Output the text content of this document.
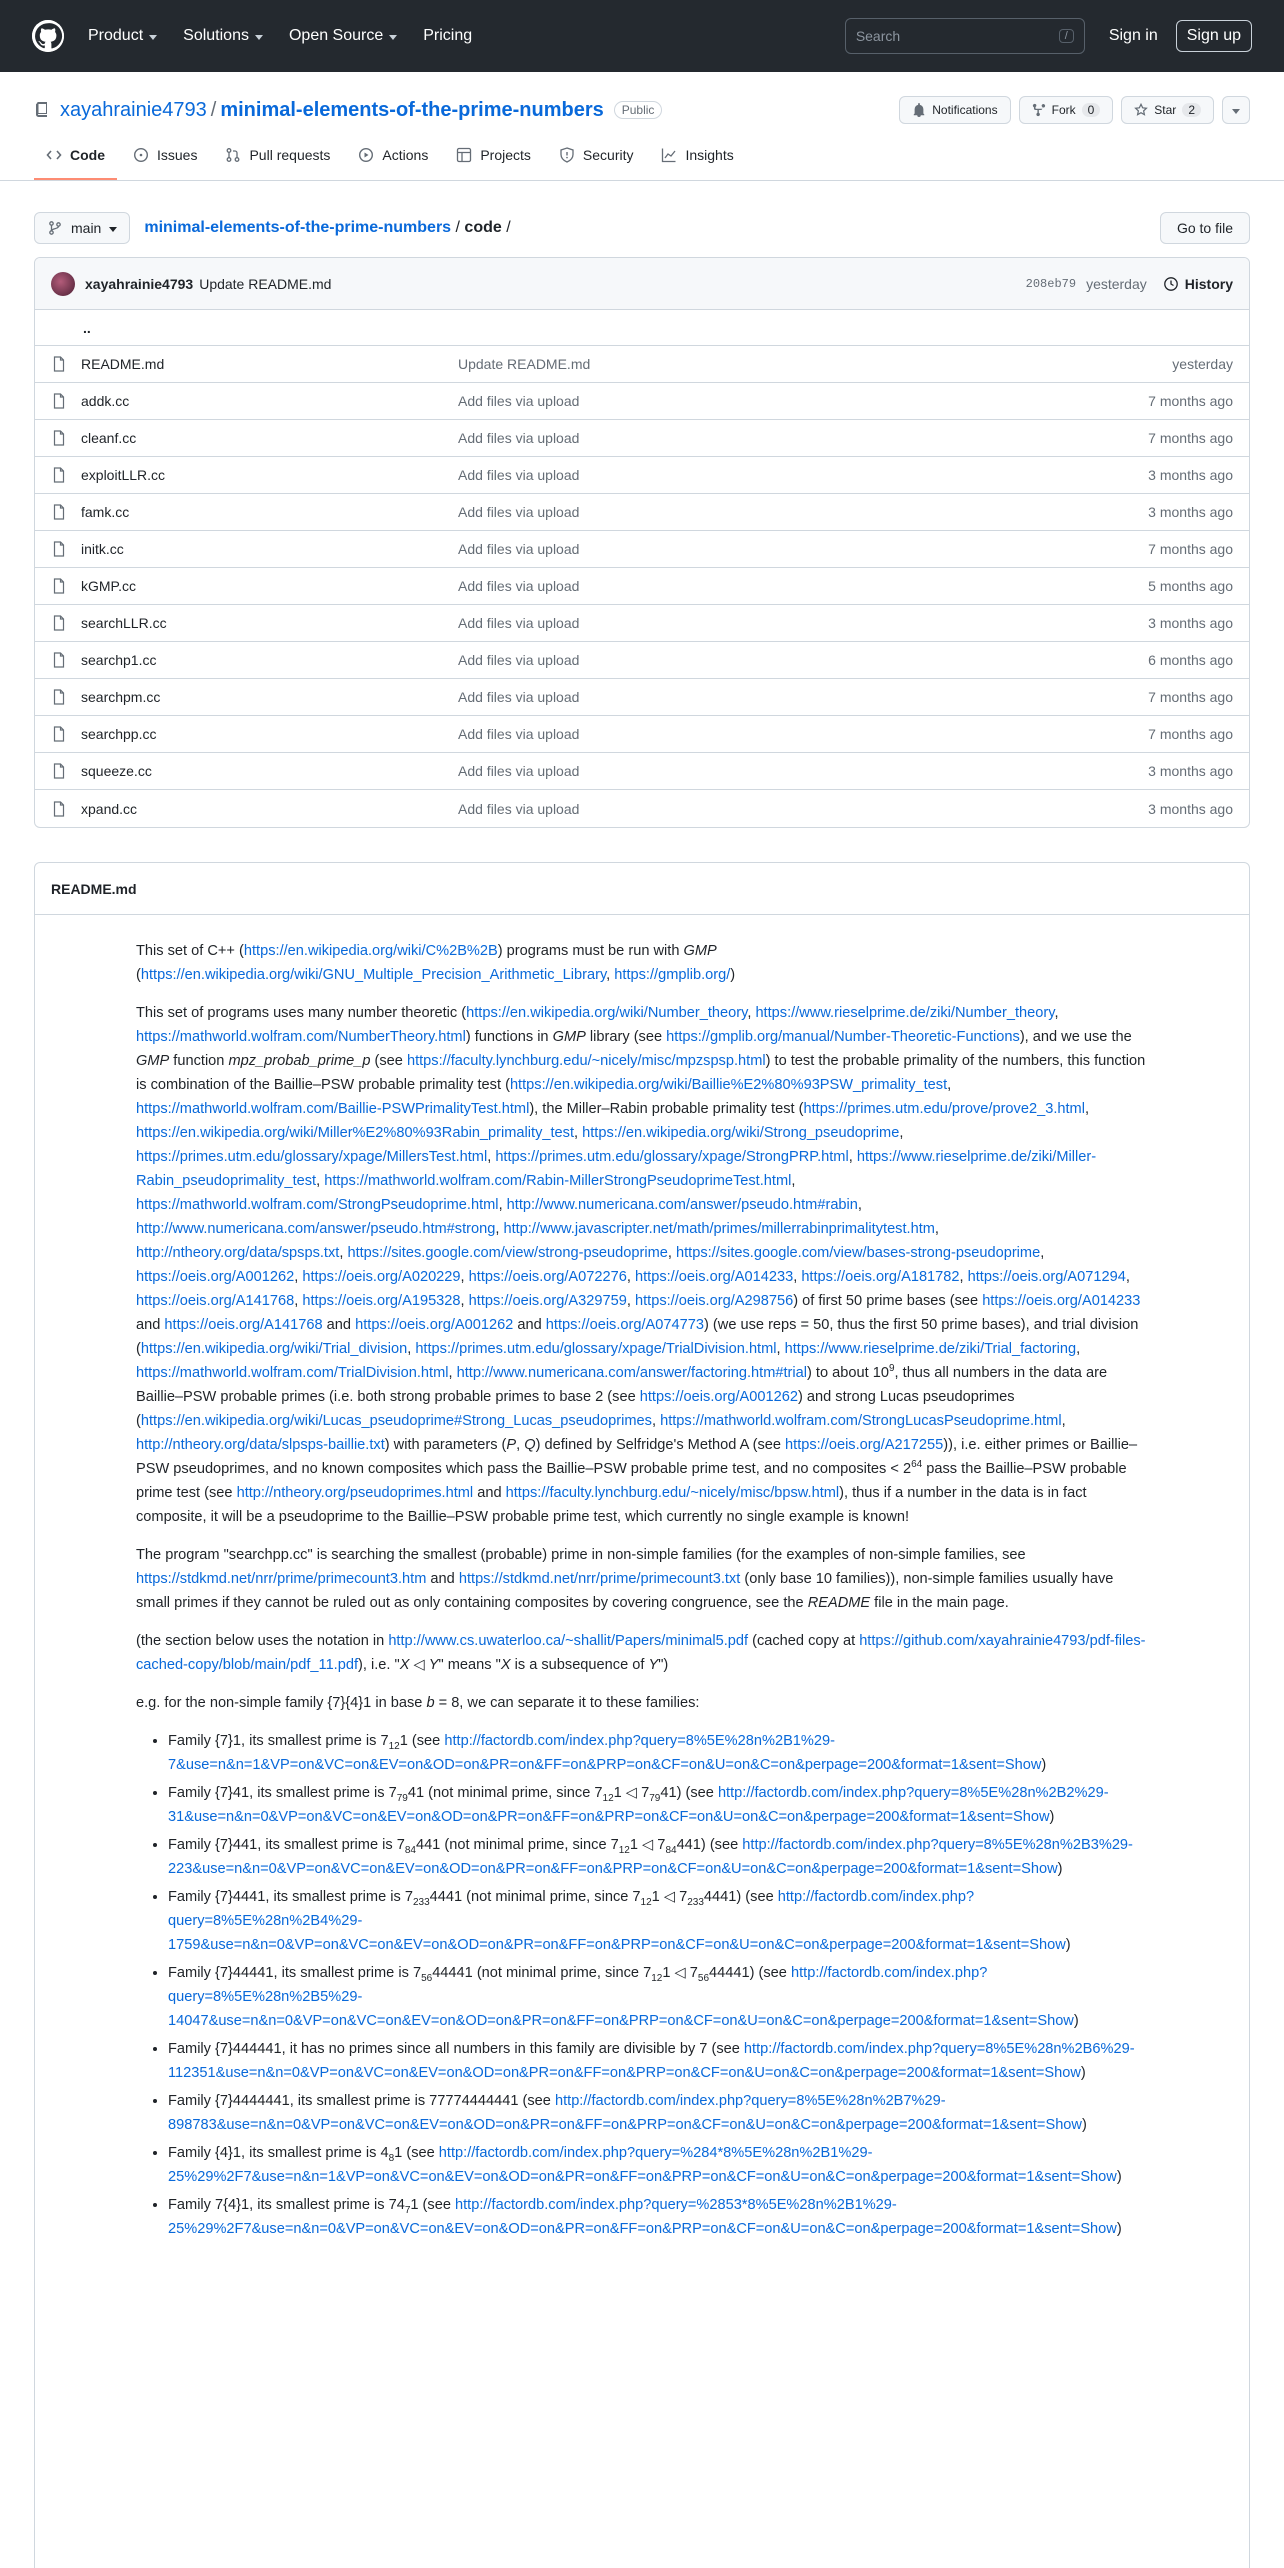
Product	Solutions	Open Source	Pricing
Search	/	Sign in	Sign up
xayahrainie4793 / minimal-elements-of-the-prime-numbers	Public	Notifications	Fork	0	Star	2
Code	Issues	Pull requests	Actions	Projects	Security	Insights
main	minimal-elements-of-the-prime-numbers / code /	Go to file
xayahrainie4793 Update README.md	208eb79 yesterday	History
..
README.md	Update README.md	yesterday
addk.cc	Add files via upload	7 months ago
cleanf.cc	Add files via upload	7 months ago
exploitLLR.cc	Add files via upload	3 months ago
famk.cc	Add files via upload	3 months ago
initk.cc	Add files via upload	7 months ago
kGMP.cc	Add files via upload	5 months ago
searchLLR.cc	Add files via upload	3 months ago
searchp1.cc	Add files via upload	6 months ago
searchpm.cc	Add files via upload	7 months ago
searchpp.cc	Add files via upload	7 months ago
squeeze.cc	Add files via upload	3 months ago
xpand.cc	Add files via upload	3 months ago
README.md

This set of C++ (https://en.wikipedia.org/wiki/C%2B%2B) programs must be run with GMP (https://en.wikipedia.org/wiki/GNU_Multiple_Precision_Arithmetic_Library, https://gmplib.org/)

This set of programs uses many number theoretic (https://en.wikipedia.org/wiki/Number_theory, https://www.rieselprime.de/ziki/Number_theory, https://mathworld.wolfram.com/NumberTheory.html) functions in GMP library (see https://gmplib.org/manual/Number-Theoretic-Functions), and we use the GMP function mpz_probab_prime_p (see https://faculty.lynchburg.edu/~nicely/misc/mpzspsp.html) to test the probable primality of the numbers, this function is combination of the Baillie–PSW probable primality test (https://en.wikipedia.org/wiki/Baillie%E2%80%93PSW_primality_test, https://mathworld.wolfram.com/Baillie-PSWPrimalityTest.html), the Miller–Rabin probable primality test (https://primes.utm.edu/prove/prove2_3.html, https://en.wikipedia.org/wiki/Miller%E2%80%93Rabin_primality_test, https://en.wikipedia.org/wiki/Strong_pseudoprime, https://primes.utm.edu/glossary/xpage/MillersTest.html, https://primes.utm.edu/glossary/xpage/StrongPRP.html, https://www.rieselprime.de/ziki/Miller-Rabin_pseudoprimality_test, https://mathworld.wolfram.com/Rabin-MillerStrongPseudoprimeTest.html, https://mathworld.wolfram.com/StrongPseudoprime.html, http://www.numericana.com/answer/pseudo.htm#rabin, http://www.numericana.com/answer/pseudo.htm#strong, http://www.javascripter.net/math/primes/millerrabinprimalitytest.htm, http://ntheory.org/data/spsps.txt, https://sites.google.com/view/strong-pseudoprime, https://sites.google.com/view/bases-strong-pseudoprime, https://oeis.org/A001262, https://oeis.org/A020229, https://oeis.org/A072276, https://oeis.org/A014233, https://oeis.org/A181782, https://oeis.org/A071294, https://oeis.org/A141768, https://oeis.org/A195328, https://oeis.org/A329759, https://oeis.org/A298756) of first 50 prime bases (see https://oeis.org/A014233 and https://oeis.org/A141768 and https://oeis.org/A001262 and https://oeis.org/A074773) (we use reps = 50, thus the first 50 prime bases), and trial division (https://en.wikipedia.org/wiki/Trial_division, https://primes.utm.edu/glossary/xpage/TrialDivision.html, https://www.rieselprime.de/ziki/Trial_factoring, https://mathworld.wolfram.com/TrialDivision.html, http://www.numericana.com/answer/factoring.htm#trial) to about $10^9$, thus all numbers in the data are Baillie–PSW probable primes (i.e. both strong probable primes to base 2 (see https://oeis.org/A001262) and strong Lucas pseudoprimes (https://en.wikipedia.org/wiki/Lucas_pseudoprime#Strong_Lucas_pseudoprimes, https://mathworld.wolfram.com/StrongLucasPseudoprime.html, http://ntheory.org/data/slpsps-baillie.txt) with parameters (P, Q) defined by Selfridge's Method A (see https://oeis.org/A217255)), i.e. either primes or Baillie–PSW pseudoprimes, and no known composites which pass the Baillie–PSW probable prime test, and no composites < $2^{64}$ pass the Baillie–PSW probable prime test (see http://ntheory.org/pseudoprimes.html and https://faculty.lynchburg.edu/~nicely/misc/bpsw.html), thus if a number in the data is in fact composite, it will be a pseudoprime to the Baillie–PSW probable prime test, which currently no single example is known!

The program "searchpp.cc" is searching the smallest (probable) prime in non-simple families (for the examples of non-simple families, see https://stdkmd.net/nrr/prime/primecount3.htm and https://stdkmd.net/nrr/prime/primecount3.txt (only base 10 families)), non-simple families usually have small primes if they cannot be ruled out as only containing composites by covering congruence, see the README file in the main page.

(the section below uses the notation in http://www.cs.uwaterloo.ca/~shallit/Papers/minimal5.pdf (cached copy at https://github.com/xayahrainie4793/pdf-files-cached-copy/blob/main/pdf_11.pdf), i.e. "X ◁ Y" means "X is a subsequence of Y")

e.g. for the non-simple family {7}{4}1 in base b = 8, we can separate it to these families:

• Family {7}1, its smallest prime is $7_{12}1$ (see http://factordb.com/index.php?query=8%5E%28n%2B1%29-7&use=n&n=1&VP=on&VC=on&EV=on&OD=on&PR=on&FF=on&PRP=on&CF=on&U=on&C=on&perpage=200&format=1&sent=Show)
• Family {7}41, its smallest prime is $7_{79}41$ (not minimal prime, since $7_{12}1$ ◁ $7_{79}41$) (see http://factordb.com/index.php?query=8%5E%28n%2B2%29-31&use=n&n=0&VP=on&VC=on&EV=on&OD=on&PR=on&FF=on&PRP=on&CF=on&U=on&C=on&perpage=200&format=1&sent=Show)
• Family {7}441, its smallest prime is $7_{84}441$ (not minimal prime, since $7_{12}1$ ◁ $7_{84}441$) (see http://factordb.com/index.php?query=8%5E%28n%2B3%29-223&use=n&n=0&VP=on&VC=on&EV=on&OD=on&PR=on&FF=on&PRP=on&CF=on&U=on&C=on&perpage=200&format=1&sent=Show)
• Family {7}4441, its smallest prime is $7_{233}4441$ (not minimal prime, since $7_{12}1$ ◁ $7_{233}4441$) (see http://factordb.com/index.php?query=8%5E%28n%2B4%29-1759&use=n&n=0&VP=on&VC=on&EV=on&OD=on&PR=on&FF=on&PRP=on&CF=on&U=on&C=on&perpage=200&format=1&sent=Show)
• Family {7}44441, its smallest prime is $7_{56}44441$ (not minimal prime, since $7_{12}1$ ◁ $7_{56}44441$) (see http://factordb.com/index.php?query=8%5E%28n%2B5%29-14047&use=n&n=0&VP=on&VC=on&EV=on&OD=on&PR=on&FF=on&PRP=on&CF=on&U=on&C=on&perpage=200&format=1&sent=Show)
• Family {7}444441, it has no primes since all numbers in this family are divisible by 7 (see http://factordb.com/index.php?query=8%5E%28n%2B6%29-112351&use=n&n=0&VP=on&VC=on&EV=on&OD=on&PR=on&FF=on&PRP=on&CF=on&U=on&C=on&perpage=200&format=1&sent=Show)
• Family {7}4444441, its smallest prime is 77774444441 (see http://factordb.com/index.php?query=8%5E%28n%2B7%29-898783&use=n&n=0&VP=on&VC=on&EV=on&OD=on&PR=on&FF=on&PRP=on&CF=on&U=on&C=on&perpage=200&format=1&sent=Show)
• Family {4}1, its smallest prime is $4_81$ (see http://factordb.com/index.php?query=%284*8%5E%28n%2B1%29-25%29%2F7&use=n&n=1&VP=on&VC=on&EV=on&OD=on&PR=on&FF=on&PRP=on&CF=on&U=on&C=on&perpage=200&format=1&sent=Show)
• Family 7{4}1, its smallest prime is $74_71$ (see http://factordb.com/index.php?query=%2853*8%5E%28n%2B1%29-25%29%2F7&use=n&n=0&VP=on&VC=on&EV=on&OD=on&PR=on&FF=on&PRP=on&CF=on&U=on&C=on&perpage=200&format=1&sent=Show)
